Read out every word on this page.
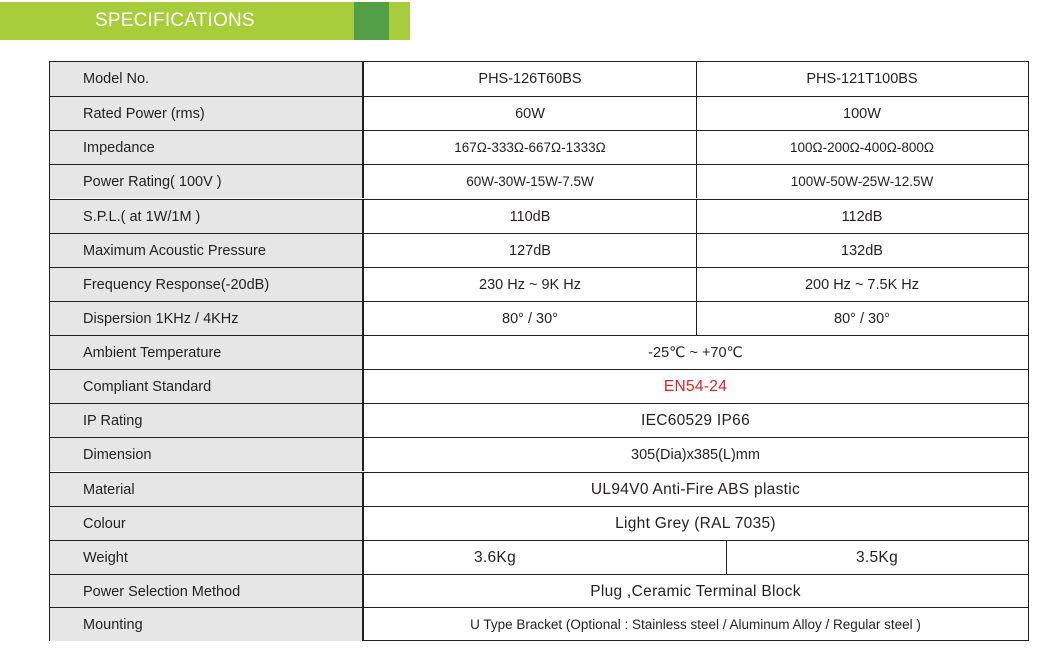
SPECIFICATIONS
Model No.	PHS-126T60BS	PHS-121T100BS
Rated Power (rms)	60W	100W
Impedance	167Ω-333Ω-667Ω-1333Ω	100Ω-200Ω-400Ω-800Ω
Power Rating( 100V )	60W-30W-15W-7.5W	100W-50W-25W-12.5W
S.P.L.( at 1W/1M )	110dB	112dB
Maximum Acoustic Pressure	127dB	132dB
Frequency Response(-20dB)	230 Hz ~ 9K Hz	200 Hz ~ 7.5K Hz
Dispersion 1KHz / 4KHz	80° / 30°	80° / 30°
Ambient Temperature	-25℃ ~ +70℃
Compliant Standard	EN54-24
IP Rating	IEC60529 IP66
Dimension	305(Dia)x385(L)mm
Material	UL94V0 Anti-Fire ABS plastic
Colour	Light Grey (RAL 7035)
Weight	3.6Kg	3.5Kg
Power Selection Method	Plug ,Ceramic Terminal Block
Mounting	U Type Bracket (Optional : Stainless steel / Aluminum Alloy / Regular steel )
